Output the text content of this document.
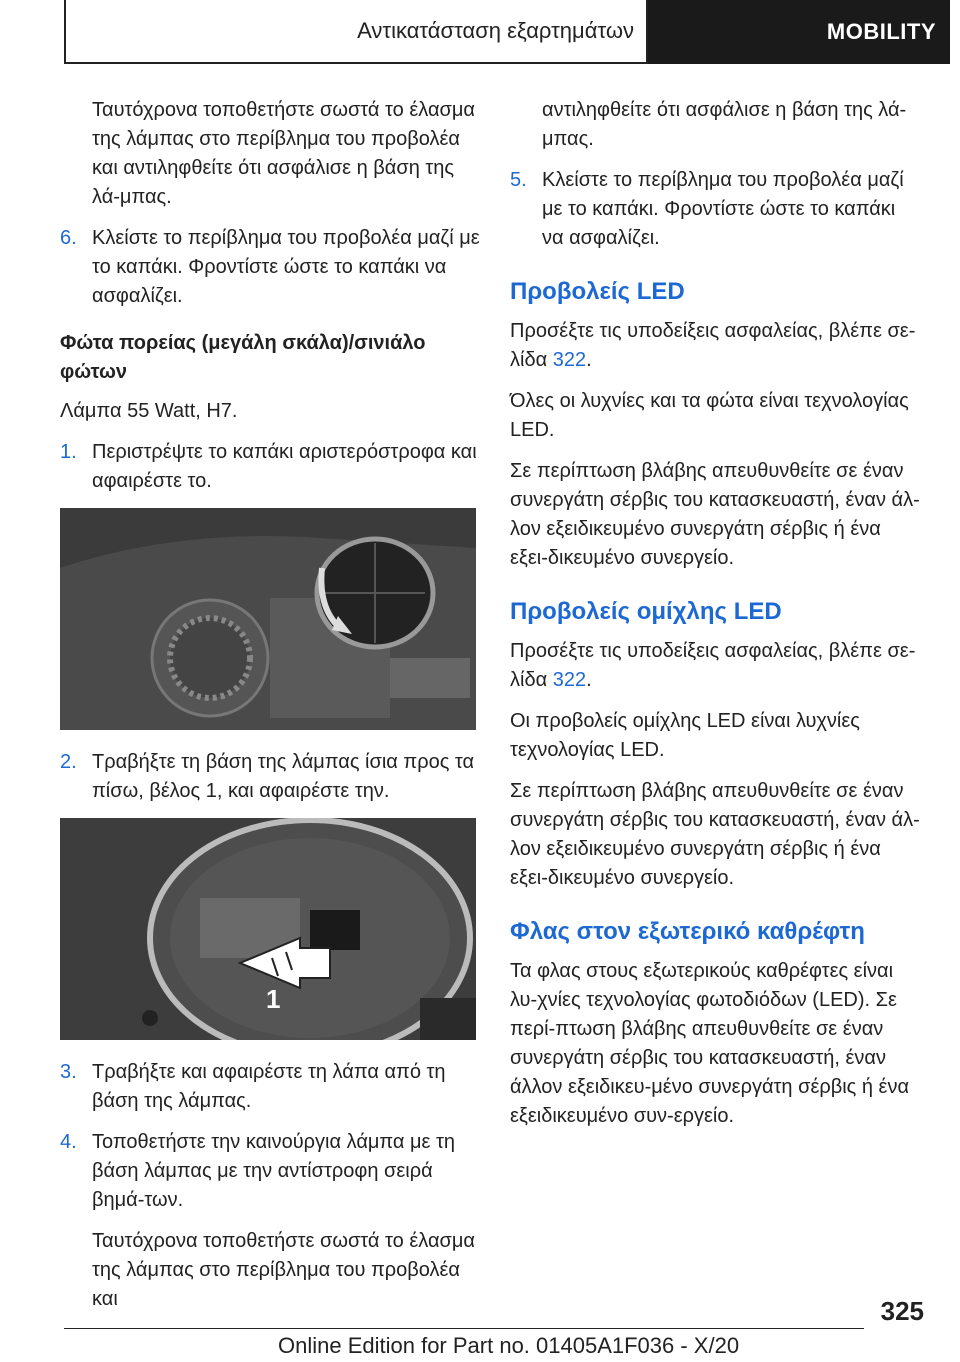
Αντικατάσταση εξαρτημάτων	MOBILITY

Ταυτόχρονα τοποθετήστε σωστά το έλασμα της λάμπας στο περίβλημα του προβολέα και αντιληφθείτε ότι ασφάλισε η βάση της λά-μπας.

6. Κλείστε το περίβλημα του προβολέα μαζί με το καπάκι. Φροντίστε ώστε το καπάκι να ασφαλίζει.
Φώτα πορείας (μεγάλη σκάλα)/σινιάλο φώτων

Λάμπα 55 Watt, H7.

1. Περιστρέψτε το καπάκι αριστερόστροφα και αφαιρέστε το.
2. Τραβήξτε τη βάση της λάμπας ίσια προς τα πίσω, βέλος 1, και αφαιρέστε την.
1
3. Τραβήξτε και αφαιρέστε τη λάπα από τη βάση της λάμπας.
4. Τοποθετήστε την καινούργια λάμπα με τη βάση λάμπας με την αντίστροφη σειρά βημά-των.

Ταυτόχρονα τοποθετήστε σωστά το έλασμα της λάμπας στο περίβλημα του προβολέα και

αντιληφθείτε ότι ασφάλισε η βάση της λά-μπας.

5. Κλείστε το περίβλημα του προβολέα μαζί με το καπάκι. Φροντίστε ώστε το καπάκι να ασφαλίζει.
Προβολείς LED

Προσέξτε τις υποδείξεις ασφαλείας, βλέπε σε-λίδα 322.

Όλες οι λυχνίες και τα φώτα είναι τεχνολογίας LED.

Σε περίπτωση βλάβης απευθυνθείτε σε έναν συνεργάτη σέρβις του κατασκευαστή, έναν άλ-λον εξειδικευμένο συνεργάτη σέρβις ή ένα εξει-δικευμένο συνεργείο.

Προβολείς ομίχλης LED

Προσέξτε τις υποδείξεις ασφαλείας, βλέπε σε-λίδα 322.

Οι προβολείς ομίχλης LED είναι λυχνίες τεχνολογίας LED.

Σε περίπτωση βλάβης απευθυνθείτε σε έναν συνεργάτη σέρβις του κατασκευαστή, έναν άλ-λον εξειδικευμένο συνεργάτη σέρβις ή ένα εξει-δικευμένο συνεργείο.

Φλας στον εξωτερικό καθρέφτη

Τα φλας στους εξωτερικούς καθρέφτες είναι λυ-χνίες τεχνολογίας φωτοδιόδων (LED). Σε περί-πτωση βλάβης απευθυνθείτε σε έναν συνεργάτη σέρβις του κατασκευαστή, έναν άλλον εξειδικευ-μένο συνεργάτη σέρβις ή ένα εξειδικευμένο συν-εργείο.

325
Online Edition for Part no. 01405A1F036 - X/20
